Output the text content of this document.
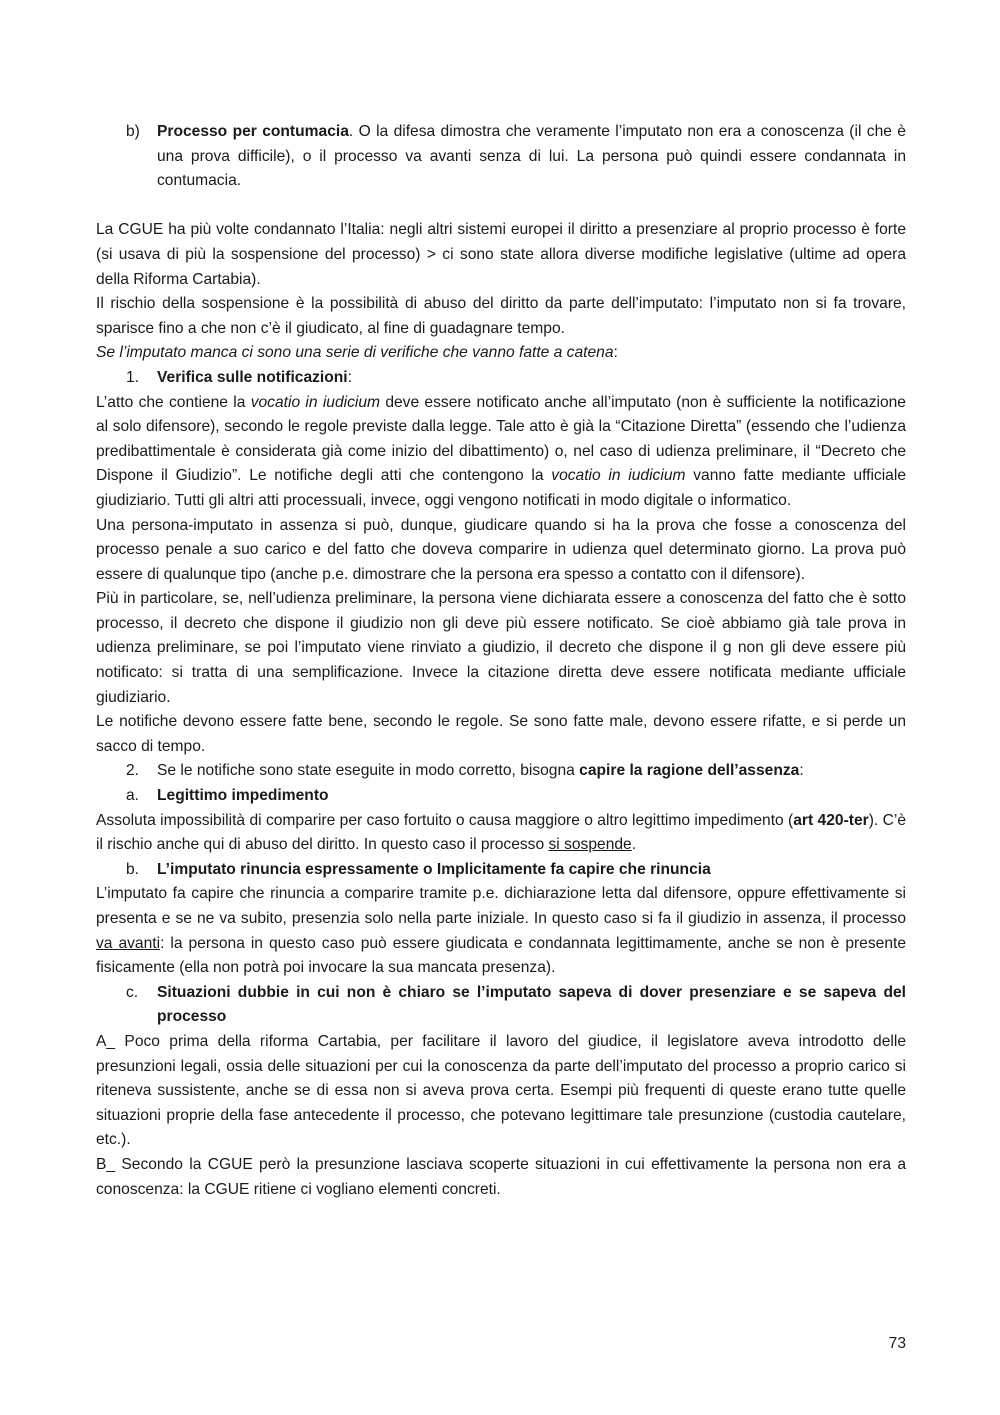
b) Processo per contumacia. O la difesa dimostra che veramente l’imputato non era a conoscenza (il che è una prova difficile), o il processo va avanti senza di lui. La persona può quindi essere condannata in contumacia.

La CGUE ha più volte condannato l’Italia: negli altri sistemi europei il diritto a presenziare al proprio processo è forte (si usava di più la sospensione del processo) > ci sono state allora diverse modifiche legislative (ultime ad opera della Riforma Cartabia).

Il rischio della sospensione è la possibilità di abuso del diritto da parte dell’imputato: l’imputato non si fa trovare, sparisce fino a che non c’è il giudicato, al fine di guadagnare tempo.

Se l’imputato manca ci sono una serie di verifiche che vanno fatte a catena:

1. Verifica sulle notificazioni:

L’atto che contiene la vocatio in iudicium deve essere notificato anche all’imputato (non è sufficiente la notificazione al solo difensore), secondo le regole previste dalla legge. Tale atto è già la “Citazione Diretta” (essendo che l’udienza predibattimentale è considerata già come inizio del dibattimento) o, nel caso di udienza preliminare, il “Decreto che Dispone il Giudizio”. Le notifiche degli atti che contengono la vocatio in iudicium vanno fatte mediante ufficiale giudiziario. Tutti gli altri atti processuali, invece, oggi vengono notificati in modo digitale o informatico.

Una persona-imputato in assenza si può, dunque, giudicare quando si ha la prova che fosse a conoscenza del processo penale a suo carico e del fatto che doveva comparire in udienza quel determinato giorno. La prova può essere di qualunque tipo (anche p.e. dimostrare che la persona era spesso a contatto con il difensore).

Più in particolare, se, nell’udienza preliminare, la persona viene dichiarata essere a conoscenza del fatto che è sotto processo, il decreto che dispone il giudizio non gli deve più essere notificato. Se cioè abbiamo già tale prova in udienza preliminare, se poi l’imputato viene rinviato a giudizio, il decreto che dispone il g non gli deve essere più notificato: si tratta di una semplificazione. Invece la citazione diretta deve essere notificata mediante ufficiale giudiziario.

Le notifiche devono essere fatte bene, secondo le regole. Se sono fatte male, devono essere rifatte, e si perde un sacco di tempo.

2. Se le notifiche sono state eseguite in modo corretto, bisogna capire la ragione dell’assenza:

a. Legittimo impedimento

Assoluta impossibilità di comparire per caso fortuito o causa maggiore o altro legittimo impedimento (art 420-ter). C’è il rischio anche qui di abuso del diritto. In questo caso il processo si sospende.

b. L’imputato rinuncia espressamente o Implicitamente fa capire che rinuncia

L’imputato fa capire che rinuncia a comparire tramite p.e. dichiarazione letta dal difensore, oppure effettivamente si presenta e se ne va subito, presenzia solo nella parte iniziale. In questo caso si fa il giudizio in assenza, il processo va avanti: la persona in questo caso può essere giudicata e condannata legittimamente, anche se non è presente fisicamente (ella non potrà poi invocare la sua mancata presenza).

c. Situazioni dubbie in cui non è chiaro se l’imputato sapeva di dover presenziare e se sapeva del processo

A_ Poco prima della riforma Cartabia, per facilitare il lavoro del giudice, il legislatore aveva introdotto delle presunzioni legali, ossia delle situazioni per cui la conoscenza da parte dell’imputato del processo a proprio carico si riteneva sussistente, anche se di essa non si aveva prova certa. Esempi più frequenti di queste erano tutte quelle situazioni proprie della fase antecedente il processo, che potevano legittimare tale presunzione (custodia cautelare, etc.).

B_ Secondo la CGUE però la presunzione lasciava scoperte situazioni in cui effettivamente la persona non era a conoscenza: la CGUE ritiene ci vogliano elementi concreti.

73
